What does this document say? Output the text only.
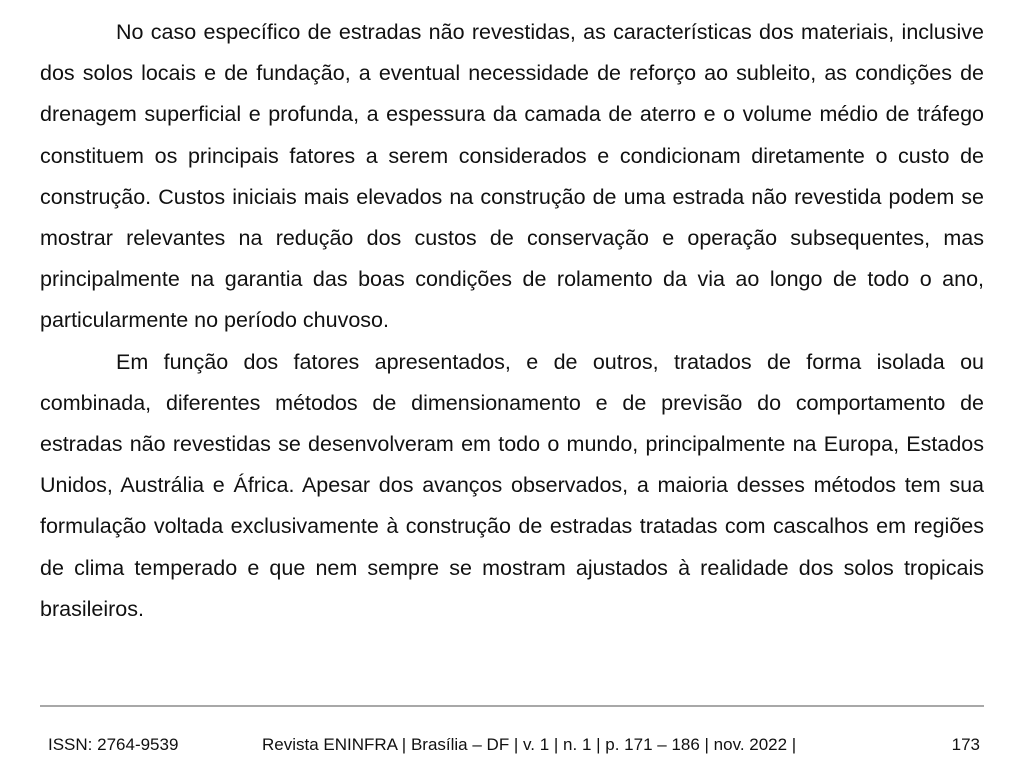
No caso específico de estradas não revestidas, as características dos materiais, inclusive dos solos locais e de fundação, a eventual necessidade de reforço ao subleito, as condições de drenagem superficial e profunda, a espessura da camada de aterro e o volume médio de tráfego constituem os principais fatores a serem considerados e condicionam diretamente o custo de construção. Custos iniciais mais elevados na construção de uma estrada não revestida podem se mostrar relevantes na redução dos custos de conservação e operação subsequentes, mas principalmente na garantia das boas condições de rolamento da via ao longo de todo o ano, particularmente no período chuvoso.

Em função dos fatores apresentados, e de outros, tratados de forma isolada ou combinada, diferentes métodos de dimensionamento e de previsão do comportamento de estradas não revestidas se desenvolveram em todo o mundo, principalmente na Europa, Estados Unidos, Austrália e África. Apesar dos avanços observados, a maioria desses métodos tem sua formulação voltada exclusivamente à construção de estradas tratadas com cascalhos em regiões de clima temperado e que nem sempre se mostram ajustados à realidade dos solos tropicais brasileiros.

ISSN: 2764-9539	Revista ENINFRA | Brasília – DF | v. 1 | n. 1 | p. 171 – 186 | nov. 2022 |	173
